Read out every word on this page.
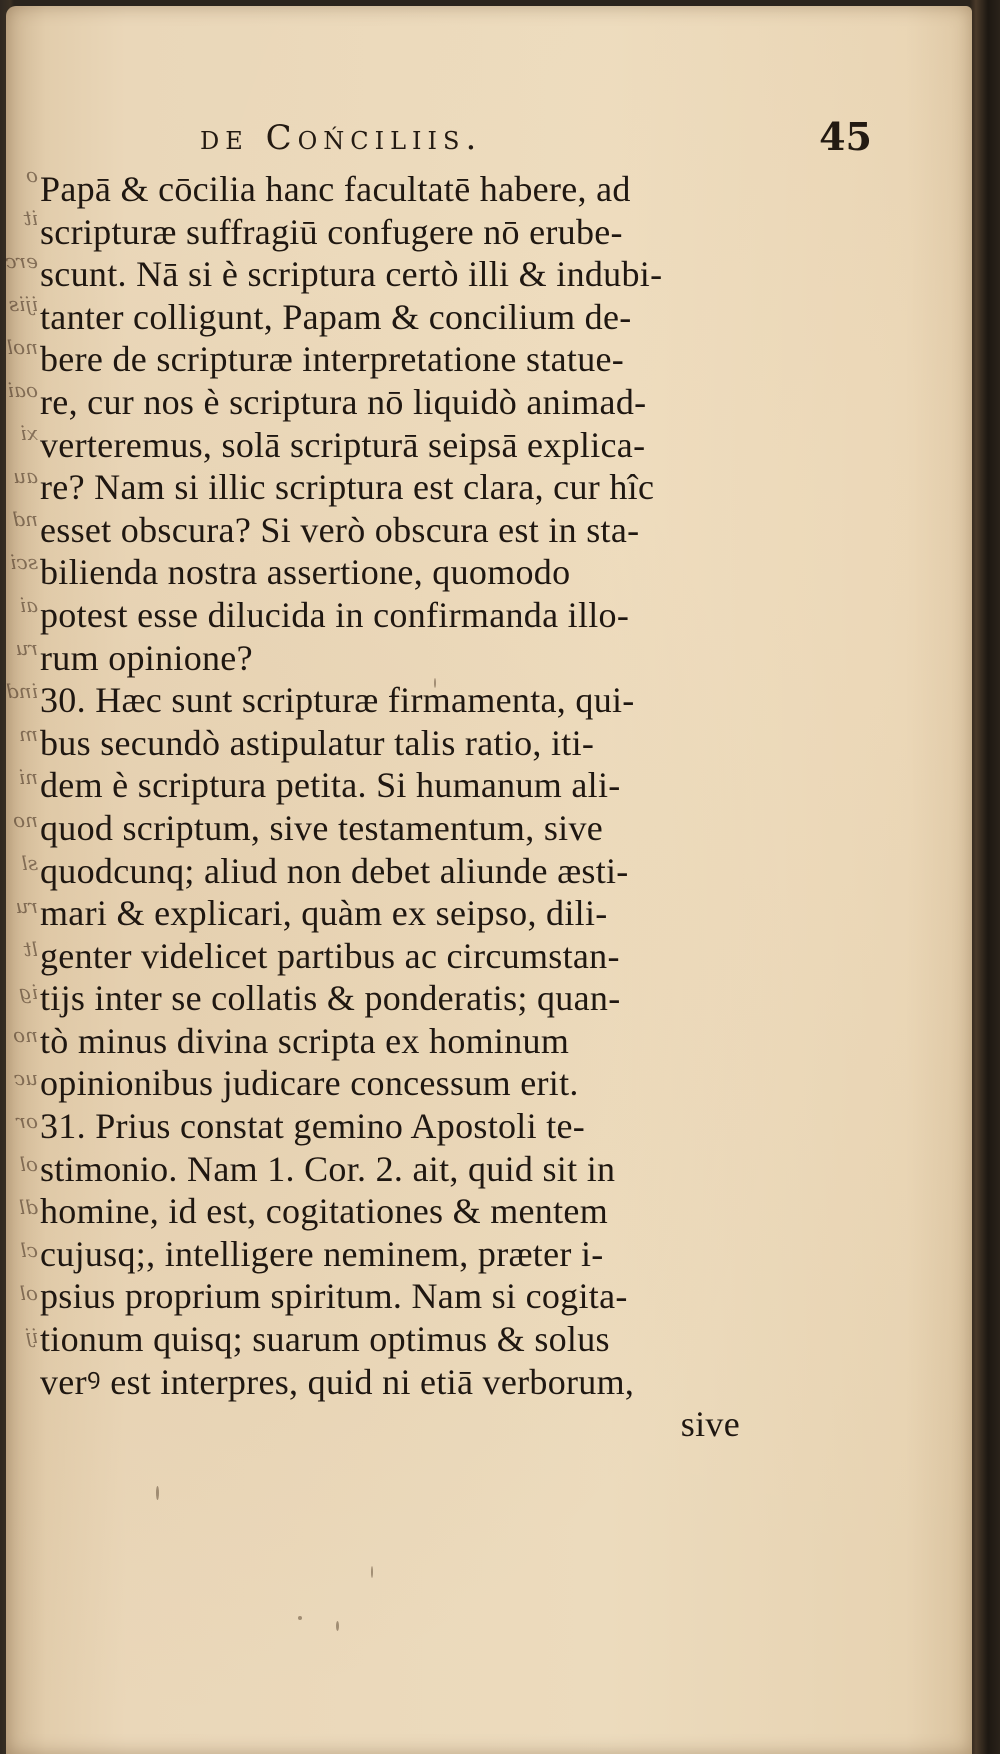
o
it
erc
ijis
nol
oai
xi
au
nd
sci
ai
ru
ind
m
ni
no
sl
ru
lt
ig
no
uc
or
ol
dl
cl
ol
ij
de Cońciliis.	45
Papā & cōcilia hanc facultatē habere, ad
scripturæ suffragiū confugere nō erube-
scunt. Nā si è scriptura certò illi & indubi-
tanter colligunt, Papam & concilium de-
bere de scripturæ interpretatione statue-
re, cur nos è scriptura nō liquidò animad-
verteremus, solā scripturā seipsā explica-
re? Nam si illic scriptura est clara, cur hîc
esset obscura? Si verò obscura est in sta-
bilienda nostra assertione, quomodo
potest esse dilucida in confirmanda illo-
rum opinione?
30. Hæc sunt scripturæ firmamenta, qui-
bus secundò astipulatur talis ratio, iti-
dem è scriptura petita. Si humanum ali-
quod scriptum, sive testamentum, sive
quodcunq; aliud non debet aliunde æsti-
mari & explicari, quàm ex seipso, dili-
genter videlicet partibus ac circumstan-
tijs inter se collatis & ponderatis; quan-
tò minus divina scripta ex hominum
opinionibus judicare concessum erit.
31. Prius constat gemino Apostoli te-
stimonio. Nam 1. Cor. 2. ait, quid sit in
homine, id est, cogitationes & mentem
cujusq;, intelligere neminem, præter i-
psius proprium spiritum. Nam si cogita-
tionum quisq; suarum optimus & solus
verꝰ est interpres, quid ni etiā verborum,
sive
